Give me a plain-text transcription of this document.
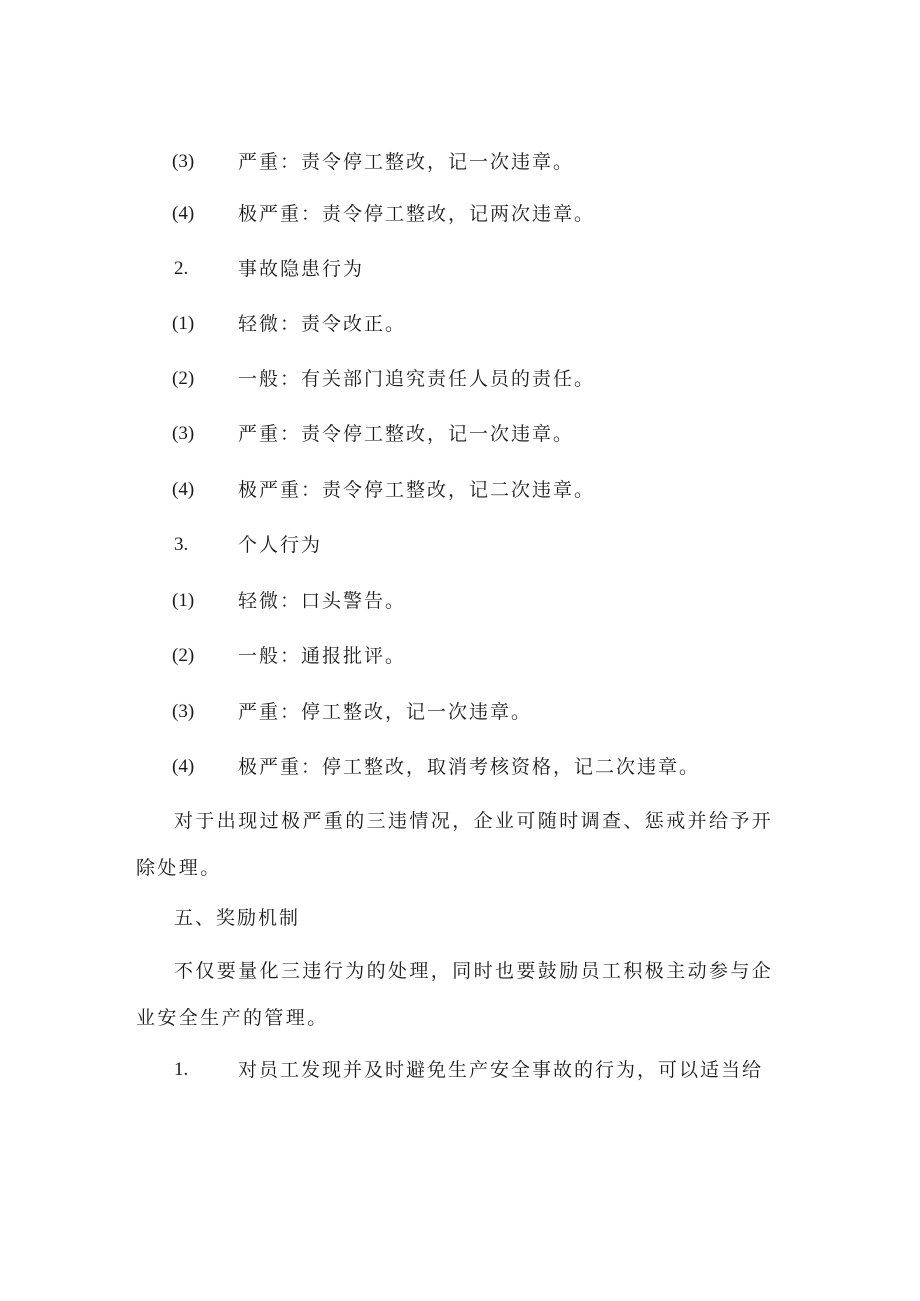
(3) 严重：责令停工整改，记一次违章。
(4) 极严重：责令停工整改，记两次违章。
2.	事故隐患行为
(1) 轻微：责令改正。
(2) 一般：有关部门追究责任人员的责任。
(3) 严重：责令停工整改，记一次违章。
(4) 极严重：责令停工整改，记二次违章。
3.	个人行为
(1) 轻微：口头警告。
(2) 一般：通报批评。
(3) 严重：停工整改，记一次违章。
(4) 极严重：停工整改，取消考核资格，记二次违章。
对于出现过极严重的三违情况，企业可随时调查、惩戒并给予开除处理。
五、奖励机制
不仅要量化三违行为的处理，同时也要鼓励员工积极主动参与企业安全生产的管理。
1.	对员工发现并及时避免生产安全事故的行为，可以适当给
